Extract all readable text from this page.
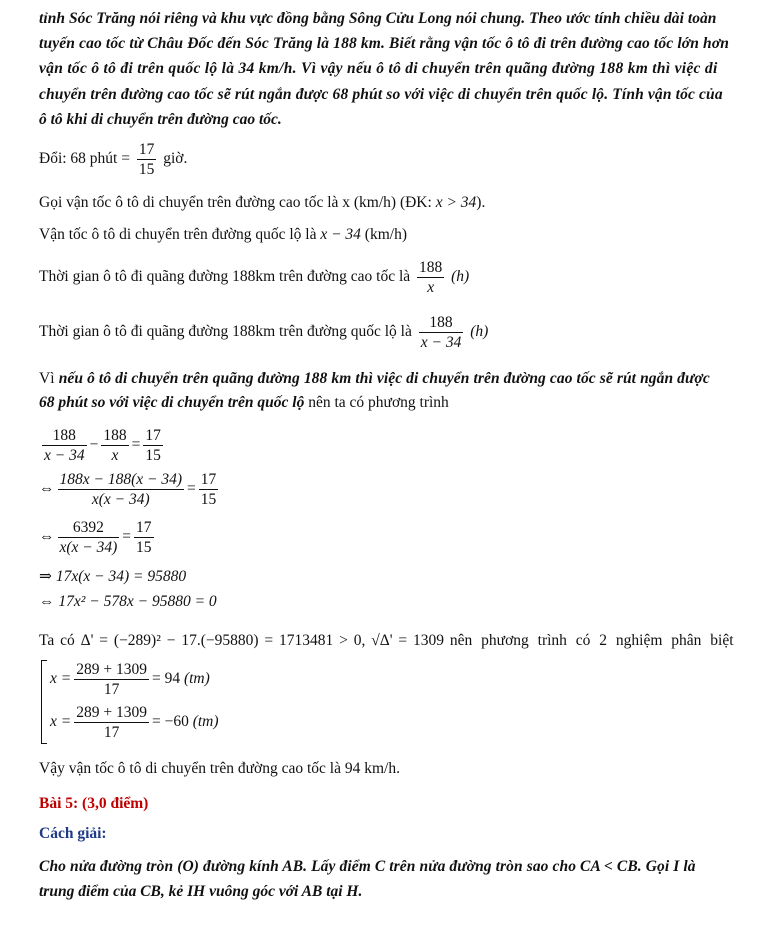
tỉnh Sóc Trăng nói riêng và khu vực đồng bằng Sông Cửu Long nói chung. Theo ước tính chiều dài toàn
tuyến cao tốc từ Châu Đốc đến Sóc Trăng là 188 km. Biết rằng vận tốc ô tô đi trên đường cao tốc lớn hơn
vận tốc ô tô đi trên quốc lộ là 34 km/h. Vì vậy nếu ô tô di chuyển trên quãng đường 188 km thì việc di
chuyển trên đường cao tốc sẽ rút ngắn được 68 phút so với việc di chuyển trên quốc lộ. Tính vận tốc của
ô tô khi di chuyển trên đường cao tốc.
Đổi: 68 phút = $\frac{17}{15}$ giờ.
Gọi vận tốc ô tô di chuyển trên đường cao tốc là x (km/h) (ĐK: x > 34).
Vận tốc ô tô di chuyển trên đường quốc lộ là x − 34 (km/h)
Thời gian ô tô đi quãng đường 188km trên đường cao tốc là $\frac{188}{x} (h)$
Thời gian ô tô đi quãng đường 188km trên đường quốc lộ là $\frac{188}{x - 34} (h)$
Vì nếu ô tô di chuyển trên quãng đường 188 km thì việc di chuyển trên đường cao tốc sẽ rút ngắn được
68 phút so với việc di chuyển trên quốc lộ nên ta có phương trình
$\frac{188}{x - 34} - \frac{188}{x} = \frac{17}{15}$
⇔ $\frac{188x - 188(x - 34)}{x(x - 34)} = \frac{17}{15}$
⇔ $\frac{6392}{x(x - 34)} = \frac{17}{15}$
⇒ 17x(x − 34) = 95880
⇔ 17x² − 578x − 95880 = 0
Ta có Δ' = (−289)² − 17.(−95880) = 1713481 > 0, √Δ' = 1309 nên phương trình có 2 nghiệm phân biệt
$x = \frac{289 + 1309}{17} = 94$ (tm)
$x = \frac{289 + 1309}{17} = -60$ (tm)
Vậy vận tốc ô tô di chuyển trên đường cao tốc là 94 km/h.
Bài 5: (3,0 điểm)
Cách giải:
Cho nửa đường tròn (O) đường kính AB. Lấy điểm C trên nửa đường tròn sao cho CA < CB. Gọi I là
trung điểm của CB, kẻ IH vuông góc với AB tại H.
